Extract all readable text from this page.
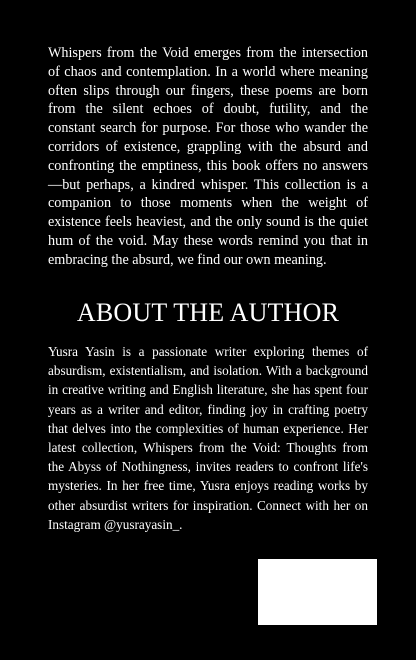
Whispers from the Void emerges from the intersection of chaos and contemplation. In a world where meaning often slips through our fingers, these poems are born from the silent echoes of doubt, futility, and the constant search for purpose. For those who wander the corridors of existence, grappling with the absurd and confronting the emptiness, this book offers no answers—but perhaps, a kindred whisper. This collection is a companion to those moments when the weight of existence feels heaviest, and the only sound is the quiet hum of the void. May these words remind you that in embracing the absurd, we find our own meaning.

ABOUT THE AUTHOR

Yusra Yasin is a passionate writer exploring themes of absurdism, existentialism, and isolation. With a background in creative writing and English literature, she has spent four years as a writer and editor, finding joy in crafting poetry that delves into the complexities of human experience. Her latest collection, Whispers from the Void: Thoughts from the Abyss of Nothingness, invites readers to confront life's mysteries. In her free time, Yusra enjoys reading works by other absurdist writers for inspiration. Connect with her on Instagram @yusrayasin_.
